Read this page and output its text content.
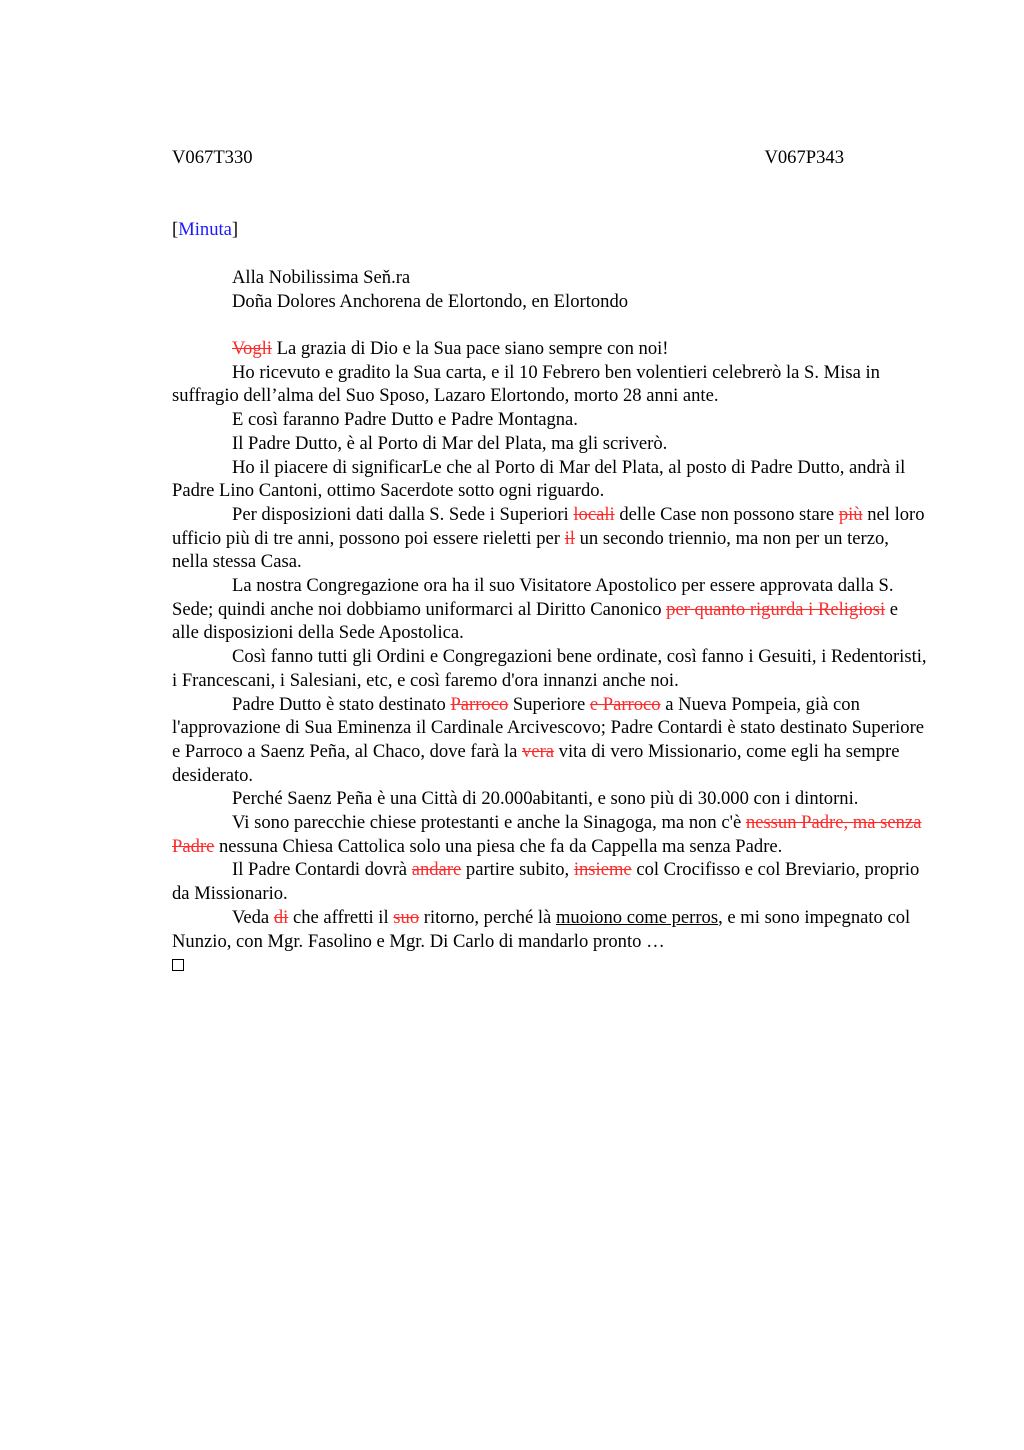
V067T330	V067P343
[Minuta]
Alla Nobilissima Seň.ra
Doña Dolores Anchorena de Elortondo, en Elortondo

Vogli La grazia di Dio e la Sua pace siano sempre con noi!

Ho ricevuto e gradito la Sua carta, e il 10 Febrero ben volentieri celebrerò la S. Misa in suffragio dell’alma del Suo Sposo, Lazaro Elortondo, morto 28 anni ante.

E così faranno Padre Dutto e Padre Montagna.

Il Padre Dutto, è al Porto di Mar del Plata, ma gli scriverò.

Ho il piacere di significarLe che al Porto di Mar del Plata, al posto di Padre Dutto, andrà il Padre Lino Cantoni, ottimo Sacerdote sotto ogni riguardo.

Per disposizioni dati dalla S. Sede i Superiori locali delle Case non possono stare più nel loro ufficio più di tre anni, possono poi essere rieletti per il un secondo triennio, ma non per un terzo, nella stessa Casa.

La nostra Congregazione ora ha il suo Visitatore Apostolico per essere approvata dalla S. Sede; quindi anche noi dobbiamo uniformarci al Diritto Canonico per quanto rigurda i Religiosi e alle disposizioni della Sede Apostolica.

Così fanno tutti gli Ordini e Congregazioni bene ordinate, così fanno i Gesuiti, i Redentoristi, i Francescani, i Salesiani, etc, e così faremo d'ora innanzi anche noi.

Padre Dutto è stato destinato Parroco Superiore e Parroco a Nueva Pompeia, già con l'approvazione di Sua Eminenza il Cardinale Arcivescovo; Padre Contardi è stato destinato Superiore e Parroco a Saenz Peña, al Chaco, dove farà la vera vita di vero Missionario, come egli ha sempre desiderato.

Perché Saenz Peña è una Città di 20.000abitanti, e sono più di 30.000 con i dintorni.

Vi sono parecchie chiese protestanti e anche la Sinagoga, ma non c'è nessun Padre, ma senza Padre nessuna Chiesa Cattolica solo una piesa che fa da Cappella ma senza Padre.

Il Padre Contardi dovrà andare partire subito, insieme col Crocifisso e col Breviario, proprio da Missionario.

Veda di che affretti il suo ritorno, perché là muoiono come perros, e mi sono impegnato col Nunzio, con Mgr. Fasolino e Mgr. Di Carlo di mandarlo pronto …
